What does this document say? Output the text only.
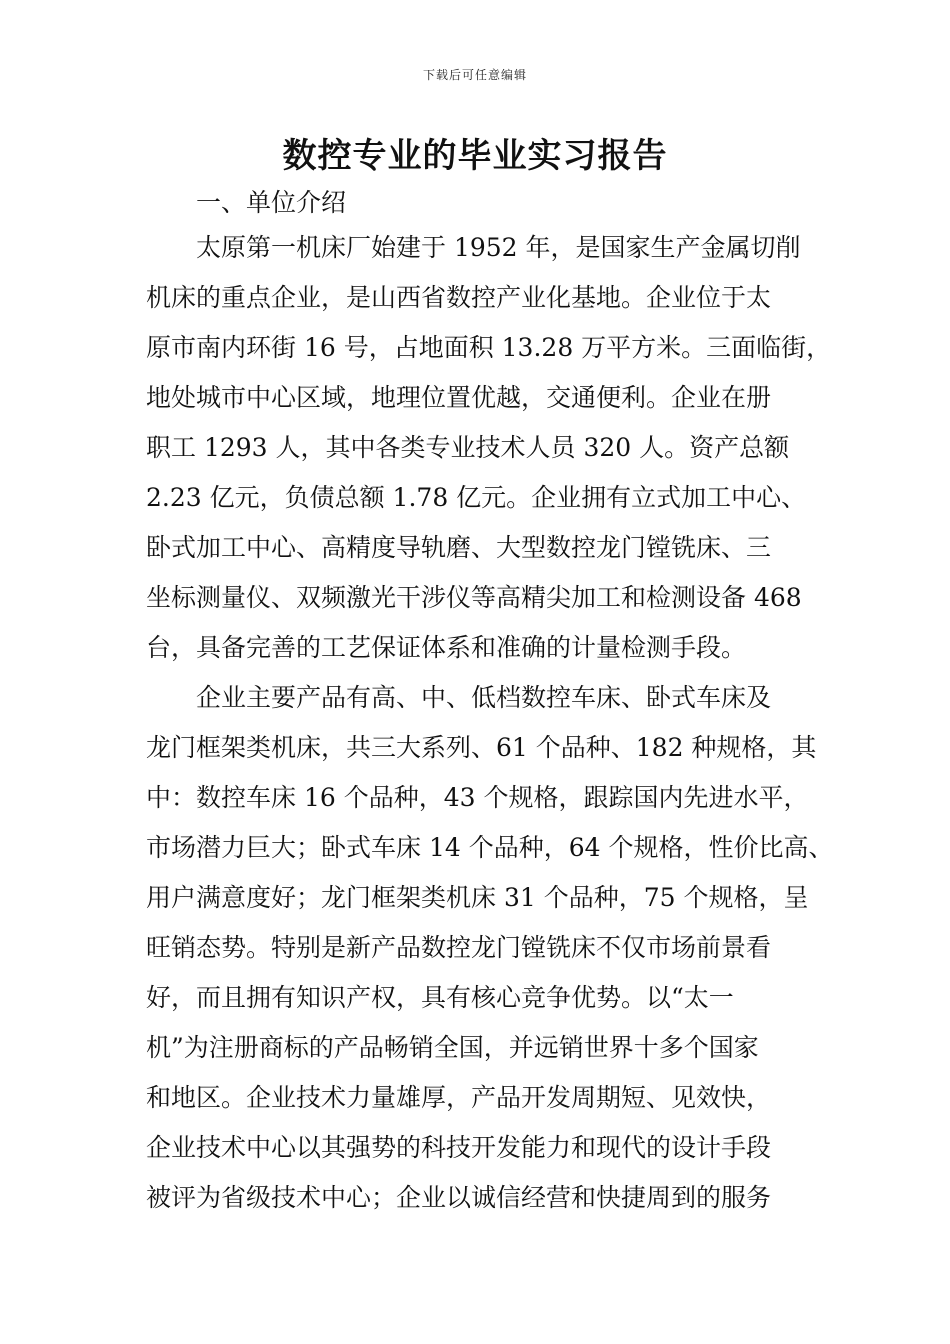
下载后可任意编辑
数控专业的毕业实习报告
一、单位介绍
太原第一机床厂始建于 1952 年，是国家生产金属切削
机床的重点企业，是山西省数控产业化基地。企业位于太
原市南内环街 16 号，占地面积 13.28 万平方米。三面临街，
地处城市中心区域，地理位置优越，交通便利。企业在册
职工 1293 人，其中各类专业技术人员 320 人。资产总额
2.23 亿元，负债总额 1.78 亿元。企业拥有立式加工中心、
卧式加工中心、高精度导轨磨、大型数控龙门镗铣床、三
坐标测量仪、双频激光干涉仪等高精尖加工和检测设备 468
台，具备完善的工艺保证体系和准确的计量检测手段。
企业主要产品有高、中、低档数控车床、卧式车床及
龙门框架类机床，共三大系列、61 个品种、182 种规格，其
中：数控车床 16 个品种，43 个规格，跟踪国内先进水平，
市场潜力巨大；卧式车床 14 个品种，64 个规格，性价比高、
用户满意度好；龙门框架类机床 31 个品种，75 个规格，呈
旺销态势。特别是新产品数控龙门镗铣床不仅市场前景看
好，而且拥有知识产权，具有核心竞争优势。以“太一
机”为注册商标的产品畅销全国，并远销世界十多个国家
和地区。企业技术力量雄厚，产品开发周期短、见效快，
企业技术中心以其强势的科技开发能力和现代的设计手段
被评为省级技术中心；企业以诚信经营和快捷周到的服务
